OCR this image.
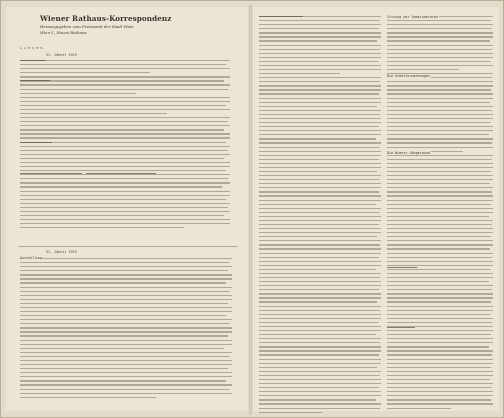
Wiener Rathaus-Korrespondenz
Herausgegeben vom Presseamt der Stadt Wien
Wien I., Neues Rathaus
L i e s e n.
31. Jänner 1929
31. Jänner 1929
Ausstellung
Sitzung der Gemeinderates
Die Arbeiterwohnungen
Die Wiener Sängerbund
